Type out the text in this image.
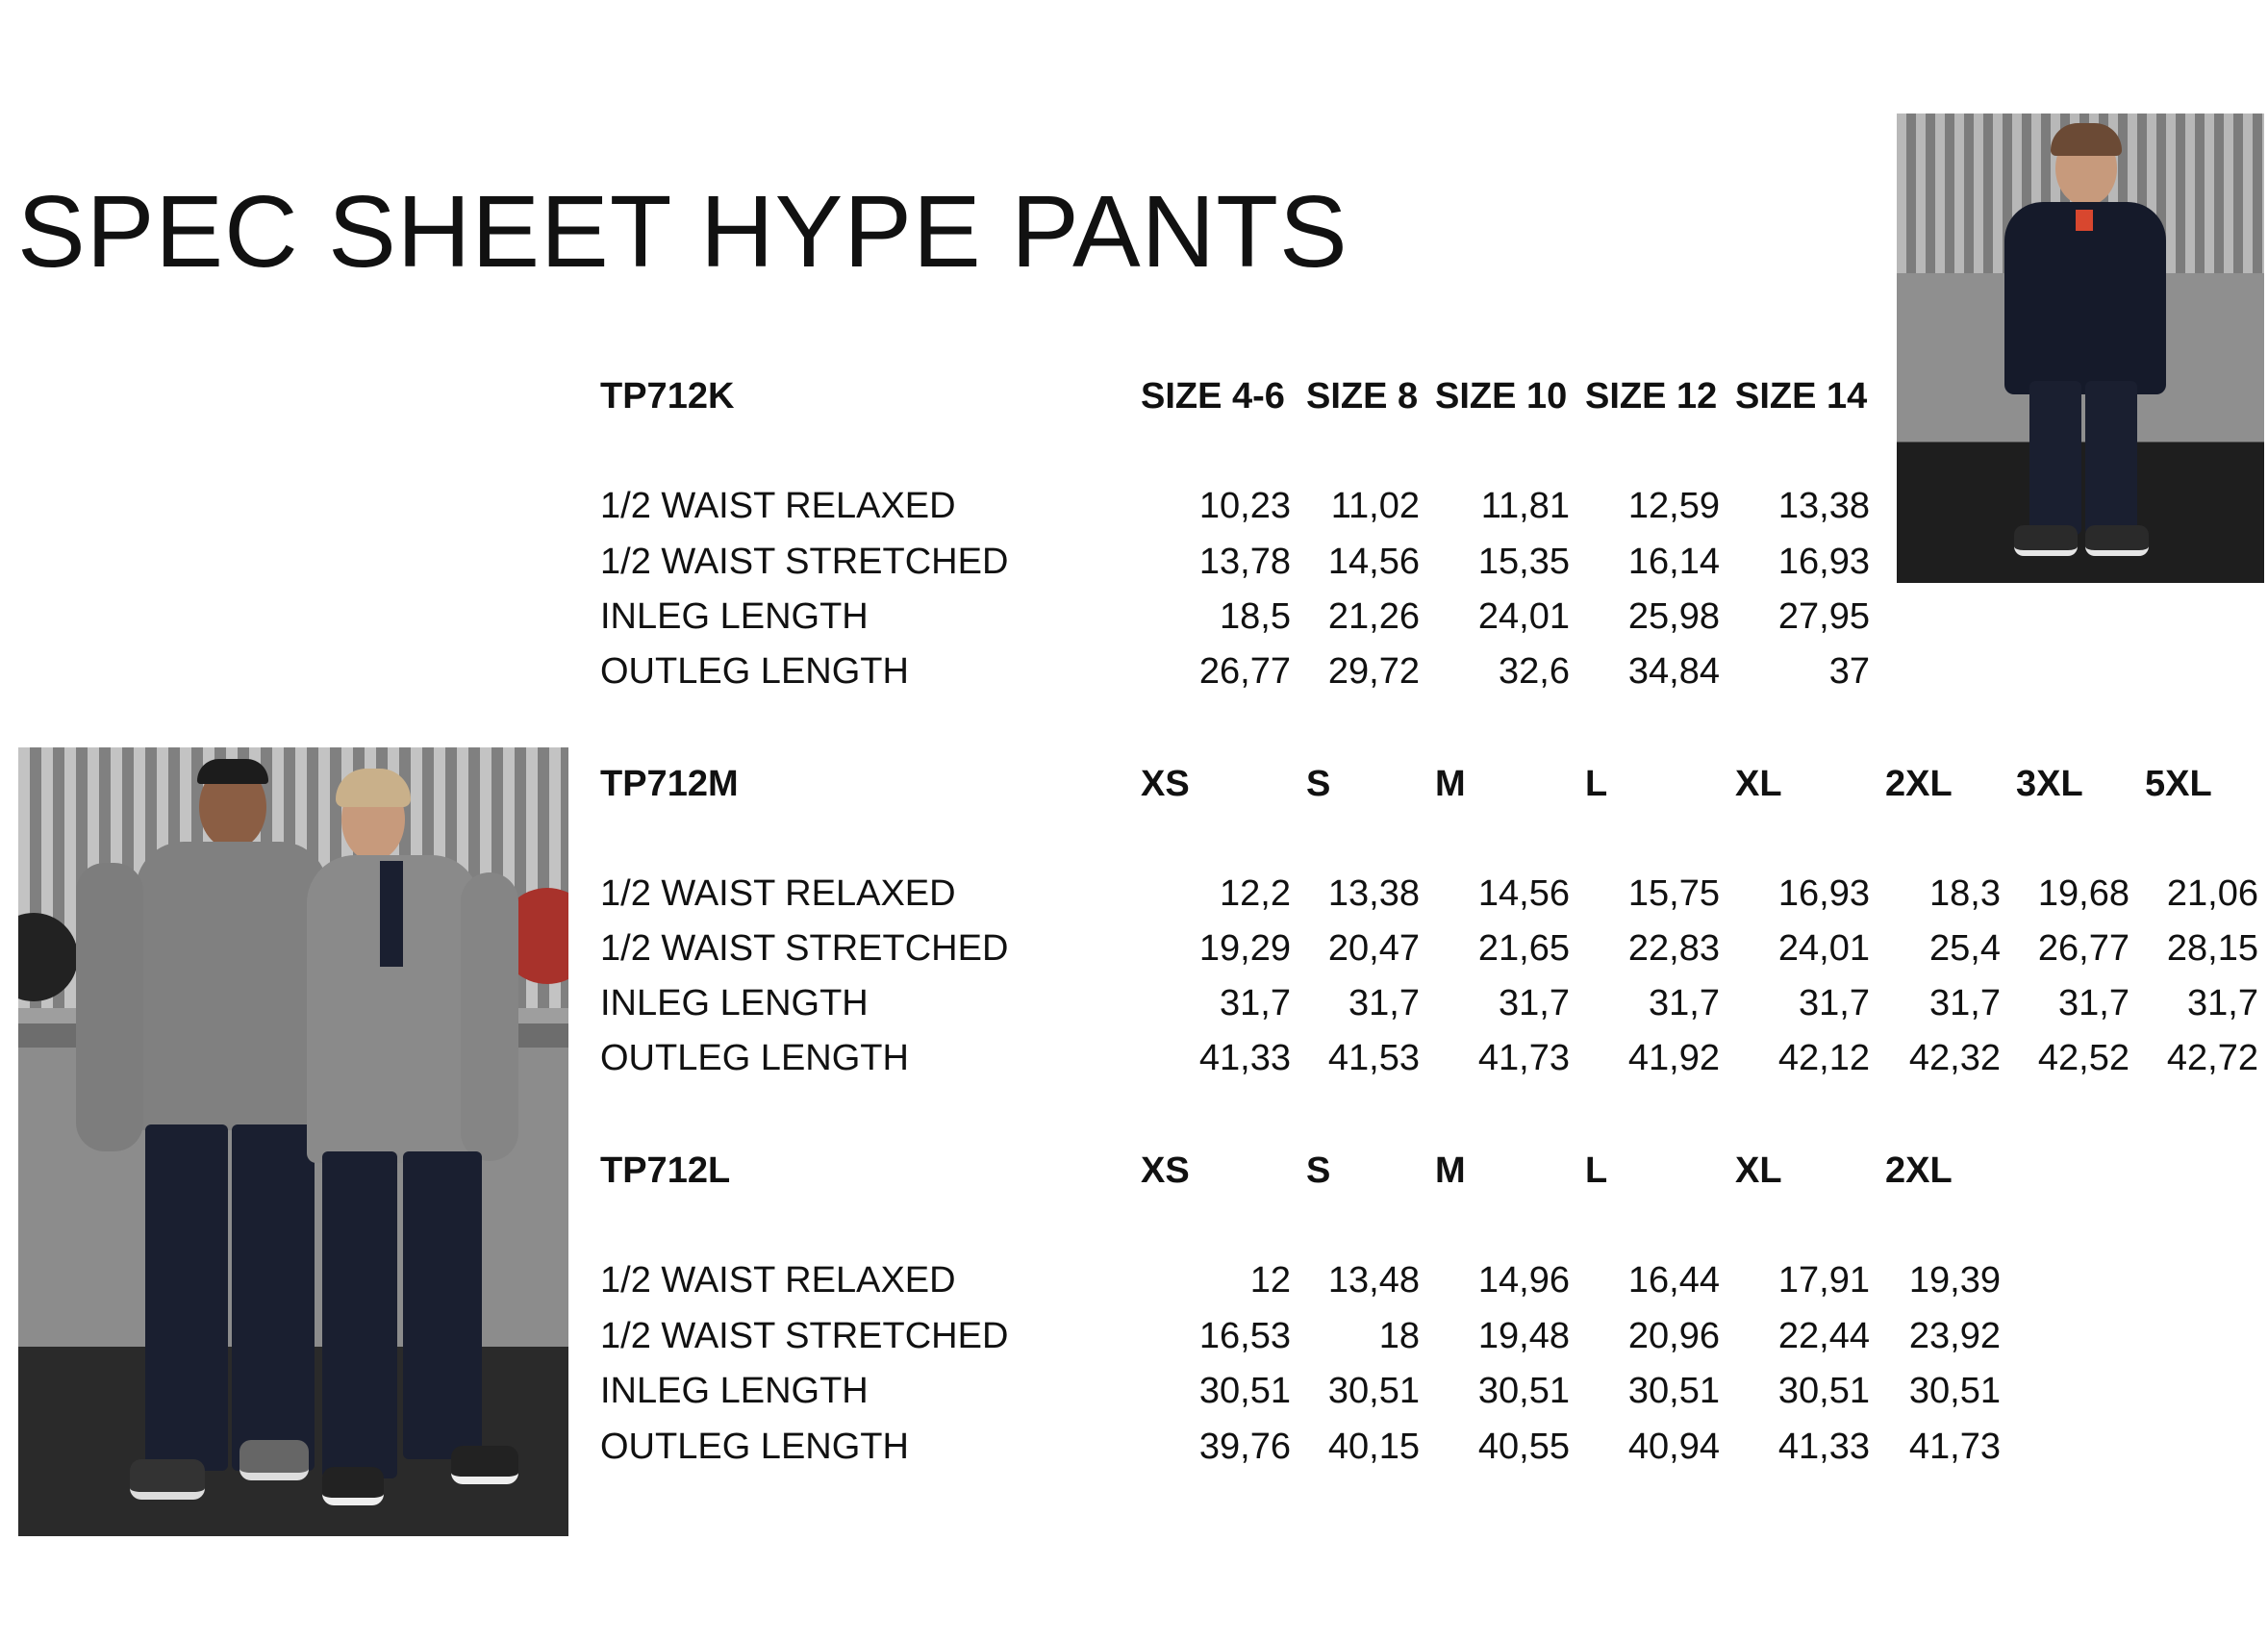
SPEC SHEET HYPE PANTS
TP712K	SIZE 4-6 SIZE 8 SIZE 10 SIZE 12 SIZE 14
1/2 WAIST RELAXED	10,23 11,02 11,81 12,59 13,38
1/2 WAIST STRETCHED	13,78 14,56 15,35 16,14 16,93
INLEG LENGTH	18,5 21,26 24,01 25,98 27,95
OUTLEG LENGTH	26,77 29,72 32,6 34,84	37
TP712M	XS	S	M	L	XL	2XL 3XL 5XL
1/2 WAIST RELAXED	12,2 13,38 14,56 15,75 16,93 18,3 19,68 21,06
1/2 WAIST STRETCHED	19,29 20,47 21,65 22,83 24,01 25,4 26,77 28,15
INLEG LENGTH	31,7 31,7 31,7 31,7 31,7 31,7 31,7 31,7
OUTLEG LENGTH	41,33 41,53 41,73 41,92 42,12 42,32 42,52 42,72
TP712L	XS	S	M	L	XL	2XL
1/2 WAIST RELAXED	12 13,48 14,96 16,44 17,91 19,39
1/2 WAIST STRETCHED	16,53 18 19,48 20,96 22,44 23,92
INLEG LENGTH	30,51 30,51 30,51 30,51 30,51 30,51
OUTLEG LENGTH	39,76 40,15 40,55 40,94 41,33 41,73
